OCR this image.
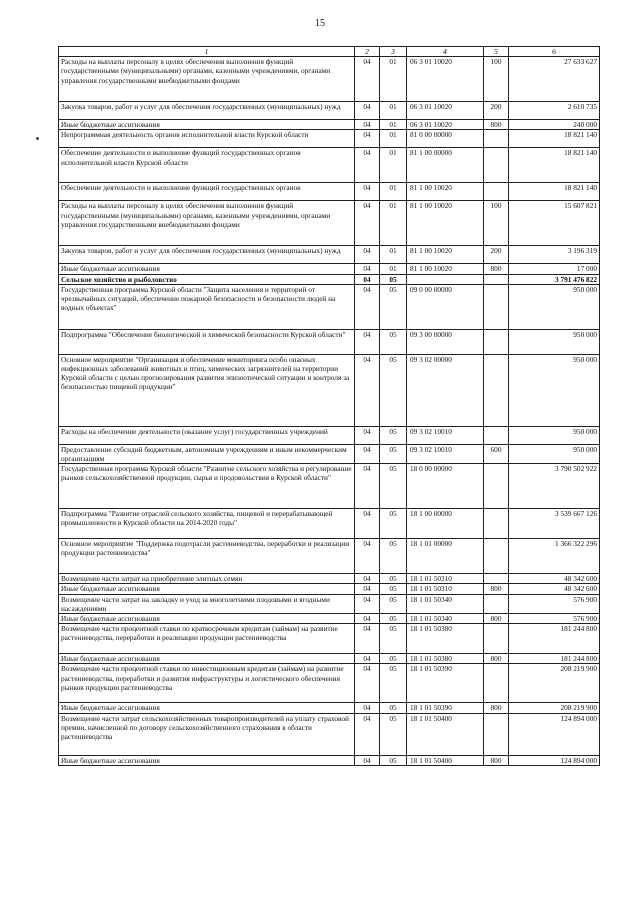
15
1	2	3	4	5	6
Расходы на выплаты персоналу в целях обеспечения выполнения функций государственными (муниципальными) органами, казенными учреждениями, органами управления государственными внебюджетными фондами	04	01	06 3 01 10020	100	27 633 627
Закупка товаров, работ и услуг для обеспечения государственных (муниципальных) нужд	04	01	06 3 01 10020	200	2 610 735
Иные бюджетные ассигнования	04	01	06 3 01 10020	800	240 000
Непрограммная деятельность органов исполнительной власти Курской области	04	01	81 0 00 00000		18 821 140
Обеспечение деятельности и выполнение функций государственных органов исполнительной власти Курской области	04	01	81 1 00 00000		18 821 140
Обеспечение деятельности и выполнение функций государственных органов	04	01	81 1 00 10020		18 821 140
Расходы на выплаты персоналу в целях обеспечения выполнения функций государственными (муниципальными) органами, казенными учреждениями, органами управления государственными внебюджетными фондами	04	01	81 1 00 10020	100	15 607 821
Закупка товаров, работ и услуг для обеспечения государственных (муниципальных) нужд	04	01	81 1 00 10020	200	3 196 319
Иные бюджетные ассигнования	04	01	81 1 00 10020	800	17 000
Сельское хозяйство и рыболовство	04	05			3 791 476 822
Государственная программа Курской области "Защита населения и территорий от чрезвычайных ситуаций, обеспечение пожарной безопасности и безопасности людей на водных объектах"	04	05	09 0 00 00000		950 000
Подпрограмма "Обеспечение биологической и химической безопасности Курской области"	04	05	09 3 00 00000		950 000
Основное мероприятие "Организация и обеспечение мониторинга особо опасных инфекционных заболеваний животных и птиц, химических загрязнителей на территории Курской области с целью прогнозирования развития эпизоотической ситуации и контроля за безопасностью пищевой продукции"	04	05	09 3 02 00000		950 000
Расходы на обеспечение деятельности (оказание услуг) государственных учреждений	04	05	09 3 02 10010		950 000
Предоставление субсидий бюджетным, автономным учреждениям и иным некоммерческим организациям	04	05	09 3 02 10010	600	950 000
Государственная программа Курской области "Развитие сельского хозяйства и регулирование рынков сельскохозяйственной продукции, сырья и продовольствия в Курской области"	04	05	18 0 00 00000		3 790 502 922
Подпрограмма "Развитие отраслей сельского хозяйства, пищевой и перерабатывающей промышленности в Курской области на 2014-2020 годы"	04	05	18 1 00 00000		3 539 667 126
Основное мероприятие "Поддержка подотрасли растениеводства, переработки и реализации продукции растениеводства"	04	05	18 1 01 00000		1 366 322 296
Возмещение части затрат на приобретение элитных семян	04	05	18 1 01 50310		48 342 600
Иные бюджетные ассигнования	04	05	18 1 01 50310	800	48 342 600
Возмещение части затрат на закладку и уход за многолетними плодовыми и ягодными насаждениями	04	05	18 1 01 50340		576 900
Иные бюджетные ассигнования	04	05	18 1 01 50340	800	576 900
Возмещение части процентной ставки по краткосрочным кредитам (займам) на развитие растениеводства, переработки и реализации продукции растениеводства	04	05	18 1 01 50380		181 244 800
Иные бюджетные ассигнования	04	05	18 1 01 50380	800	181 244 800
Возмещение части процентной ставки по инвестиционным кредитам (займам) на развитие растениеводства, переработки и развития инфраструктуры и логистического обеспечения рынков продукции растениеводства	04	05	18 1 01 50390		208 219 900
Иные бюджетные ассигнования	04	05	18 1 01 50390	800	208 219 900
Возмещение части затрат сельскохозяйственных товаропроизводителей на уплату страховой премии, начисленной по договору сельскохозяйственного страхования в области растениеводства	04	05	18 1 01 50400		124 894 000
Иные бюджетные ассигнования	04	05	18 1 01 50400	800	124 894 000
